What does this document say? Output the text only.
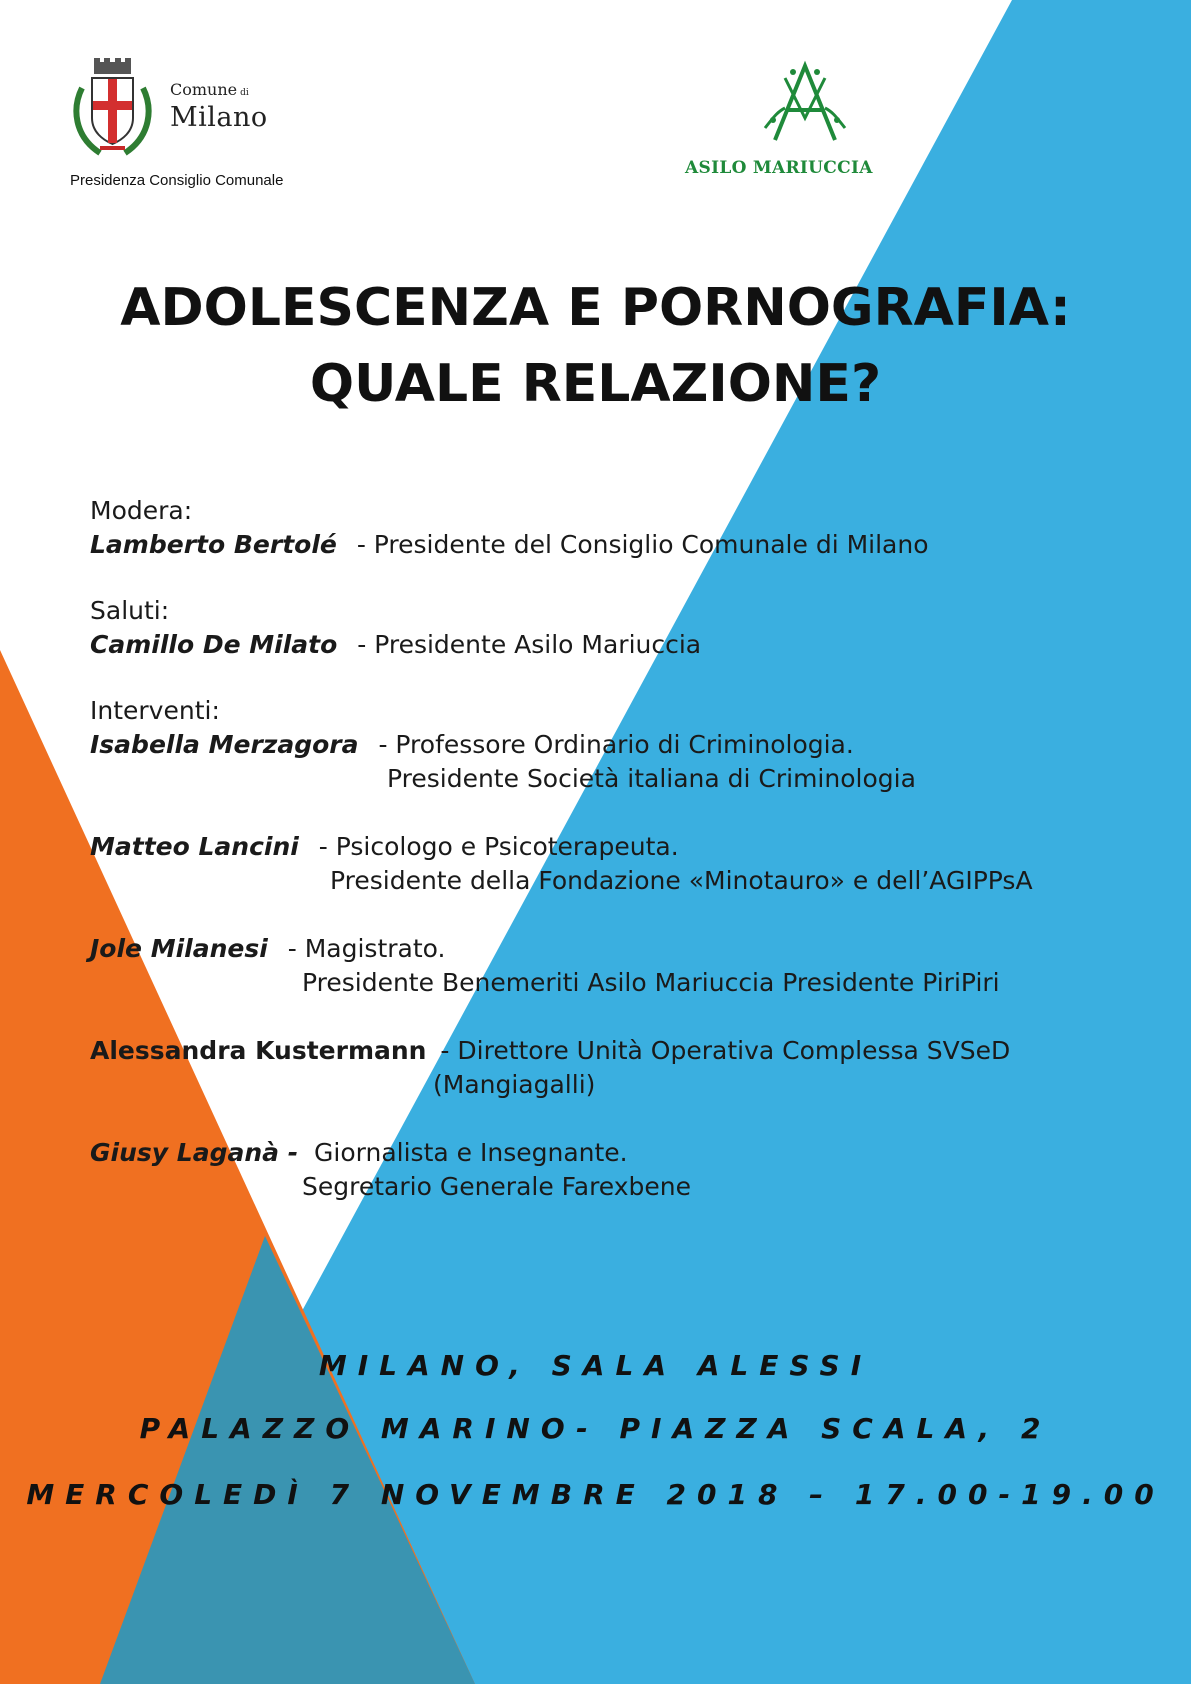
Comune di
Milano
Presidenza Consiglio Comunale
ASILO MARIUCCIA
ADOLESCENZA E PORNOGRAFIA:
QUALE RELAZIONE?
Modera:
Lamberto Bertolé - Presidente del Consiglio Comunale di Milano
Saluti:
Camillo De Milato - Presidente Asilo Mariuccia
Interventi:
Isabella Merzagora - Professore Ordinario di Criminologia.
Presidente Società italiana di Criminologia
Matteo Lancini - Psicologo e Psicoterapeuta.
Presidente della Fondazione «Minotauro» e dell’AGIPPsA
Jole Milanesi - Magistrato.
Presidente Benemeriti Asilo Mariuccia Presidente PiriPiri
Alessandra Kustermann - Direttore Unità Operativa Complessa SVSeD
(Mangiagalli)
Giusy Laganà - Giornalista e Insegnante.
Segretario Generale Farexbene
MILANO, SALA ALESSI
PALAZZO MARINO- PIAZZA SCALA, 2
MERCOLEDÌ 7 NOVEMBRE 2018 – 17.00-19.00
